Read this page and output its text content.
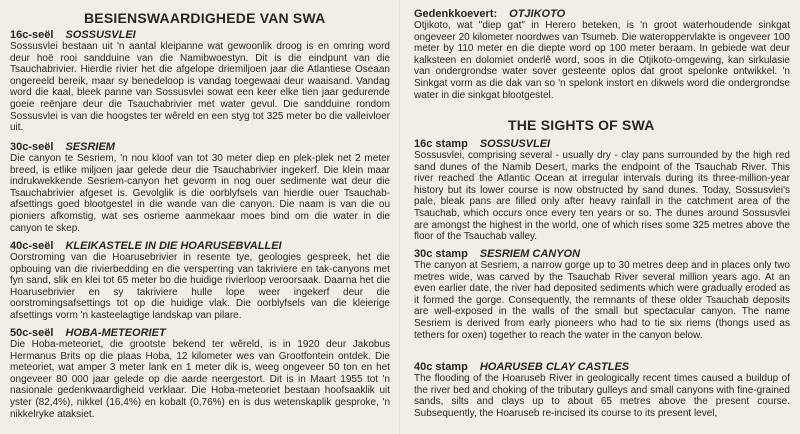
BESIENSWAARDIGHEDE VAN SWA
16c-seël SOSSUSVLEI

Sossusvlei bestaan uit 'n aantal kleipanne wat gewoonlik droog is en omring word deur hoë rooi sandduine van die Namibwoestyn. Dit is die eindpunt van die Tsauchabrivier. Hierdie rivier het die afgelope driemiljoen jaar die Atlantiese Oseaan ongereeld bereik, maar sy benedeloop is vandag toegewaai deur waaisand. Vandag word die kaal, bleek panne van Sossusvlei sowat een keer elke tien jaar gedurende goeie reënjare deur die Tsauchabrivier met water gevul. Die sandduine rondom Sossusvlei is van die hoogstes ter wêreld en een styg tot 325 meter bo die valleivloer uit.

30c-seël SESRIEM

Die canyon te Sesriem, 'n nou kloof van tot 30 meter diep en plek-plek net 2 meter breed, is etlike miljoen jaar gelede deur die Tsauchabrivier ingekerf. Die klein maar indrukwekkende Sesriem-canyon het gevorm in nog ouer sedimente wat deur die Tsauchabrivier afgeset is. Gevolglik is die oorblyfsels van hierdie ouer Tsauchab-afsettings goed blootgestel in die wande van die canyon. Die naam is van die ou pioniers afkomstig, wat ses osrieme aanmekaar moes bind om die water in die canyon te skep.

40c-seël KLEIKASTELE IN DIE HOARUSEBVALLEI

Oorstroming van die Hoarusebrivier in resente tye, geologies gespreek, het die opbouing van die rivierbedding en die versperring van takriviere en tak-canyons met fyn sand, slik en klei tot 65 meter bo die huidige rivierloop veroorsaak. Daarna het die Hoarusebrivier en sy takriviere hulle lope weer ingekerf deur die oorstromingsafsettings tot op die huidige vlak. Die oorblyfsels van die kleierige afsettings vorm 'n kasteelagtige landskap van pilare.

50c-seël HOBA-METEORIET

Die Hoba-meteoriet, die grootste bekend ter wêreld, is in 1920 deur Jakobus Hermanus Brits op die plaas Hoba, 12 kilometer wes van Grootfontein ontdek. Die meteoriet, wat amper 3 meter lank en 1 meter dik is, weeg ongeveer 50 ton en het ongeveer 80 000 jaar gelede op die aarde neergestort. Dit is in Maart 1955 tot 'n nasionale gedenkwaardigheid verklaar. Die Hoba-meteoriet bestaan hoofsaaklik uit yster (82,4%), nikkel (16,4%) en kobalt (0,76%) en is dus wetenskaplik gesproke, 'n nikkelryke ataksiet.

Gedenkkoevert: OTJIKOTO

Otjikoto, wat "diep gat" in Herero beteken, is 'n groot waterhoudende sinkgat ongeveer 20 kilometer noordwes van Tsumeb. Die wateroppervlakte is ongeveer 100 meter by 110 meter en die diepte word op 100 meter beraam. In gebiede wat deur kalksteen en dolomiet onderlê word, soos in die Otjikoto-omgewing, kan sirkulasie van ondergrondse water sover gesteente oplos dat groot spelonke ontwikkel. 'n Sinkgat vorm as die dak van so 'n spelonk instort en dikwels word die ondergrondse water in die sinkgat blootgestel.

THE SIGHTS OF SWA
16c stamp SOSSUSVLEI

Sossusvlei, comprising several - usually dry - clay pans surrounded by the high red sand dunes of the Namib Desert, marks the endpoint of the Tsauchab River. This river reached the Atlantic Ocean at irregular intervals during its three-million-year history but its lower course is now obstructed by sand dunes. Today, Sossusvlei's pale, bleak pans are filled only after heavy rainfall in the catchment area of the Tsauchab, which occurs once every ten years or so. The dunes around Sossusvlei are amongst the highest in the world, one of which rises some 325 metres above the floor of the Tsauchab valley.

30c stamp SESRIEM CANYON

The canyon at Sesriem, a narrow gorge up to 30 metres deep and in places only two metres wide, was carved by the Tsauchab River several million years ago. At an even earlier date, the river had deposited sediments which were gradually eroded as it formed the gorge. Consequently, the remnants of these older Tsauchab deposits are well-exposed in the walls of the small but spectacular canyon. The name Sesriem is derived from early pioneers who had to tie six riems (thongs used as tethers for oxen) together to reach the water in the canyon below.

40c stamp HOARUSEB CLAY CASTLES

The flooding of the Hoaruseb River in geologically recent times caused a buildup of the river bed and choking of the tributary gulleys and small canyons with fine-grained sands, silts and clays up to about 65 metres above the present course. Subsequently, the Hoaruseb re-incised its course to its present level,
